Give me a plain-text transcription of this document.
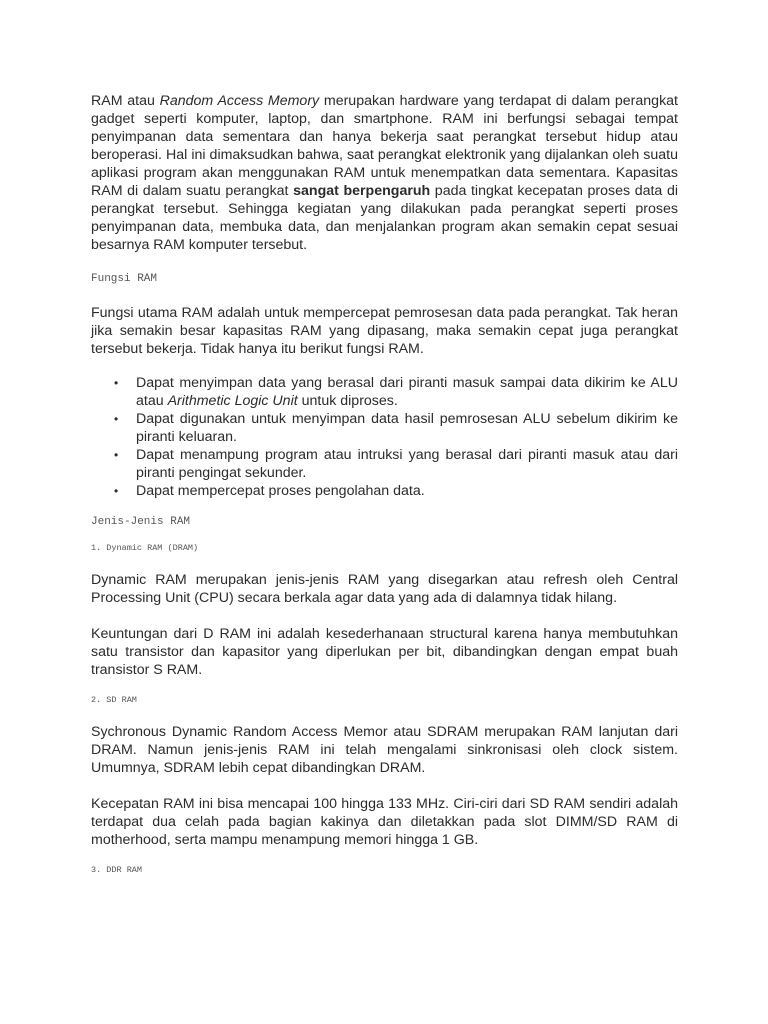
RAM atau Random Access Memory merupakan hardware yang terdapat di dalam perangkat gadget seperti komputer, laptop, dan smartphone. RAM ini berfungsi sebagai tempat penyimpanan data sementara dan hanya bekerja saat perangkat tersebut hidup atau beroperasi. Hal ini dimaksudkan bahwa, saat perangkat elektronik yang dijalankan oleh suatu aplikasi program akan menggunakan RAM untuk menempatkan data sementara. Kapasitas RAM di dalam suatu perangkat sangat berpengaruh pada tingkat kecepatan proses data di perangkat tersebut. Sehingga kegiatan yang dilakukan pada perangkat seperti proses penyimpanan data, membuka data, dan menjalankan program akan semakin cepat sesuai besarnya RAM komputer tersebut.

Fungsi RAM

Fungsi utama RAM adalah untuk mempercepat pemrosesan data pada perangkat. Tak heran jika semakin besar kapasitas RAM yang dipasang, maka semakin cepat juga perangkat tersebut bekerja. Tidak hanya itu berikut fungsi RAM.

• Dapat menyimpan data yang berasal dari piranti masuk sampai data dikirim ke ALU atau Arithmetic Logic Unit untuk diproses.
• Dapat digunakan untuk menyimpan data hasil pemrosesan ALU sebelum dikirim ke piranti keluaran.
• Dapat menampung program atau intruksi yang berasal dari piranti masuk atau dari piranti pengingat sekunder.
• Dapat mempercepat proses pengolahan data.

Jenis-Jenis RAM

1. Dynamic RAM (DRAM)

Dynamic RAM merupakan jenis-jenis RAM yang disegarkan atau refresh oleh Central Processing Unit (CPU) secara berkala agar data yang ada di dalamnya tidak hilang.

Keuntungan dari D RAM ini adalah kesederhanaan structural karena hanya membutuhkan satu transistor dan kapasitor yang diperlukan per bit, dibandingkan dengan empat buah transistor S RAM.

2. SD RAM

Sychronous Dynamic Random Access Memor atau SDRAM merupakan RAM lanjutan dari DRAM. Namun jenis-jenis RAM ini telah mengalami sinkronisasi oleh clock sistem. Umumnya, SDRAM lebih cepat dibandingkan DRAM.

Kecepatan RAM ini bisa mencapai 100 hingga 133 MHz. Ciri-ciri dari SD RAM sendiri adalah terdapat dua celah pada bagian kakinya dan diletakkan pada slot DIMM/SD RAM di motherhood, serta mampu menampung memori hingga 1 GB.

3. DDR RAM
